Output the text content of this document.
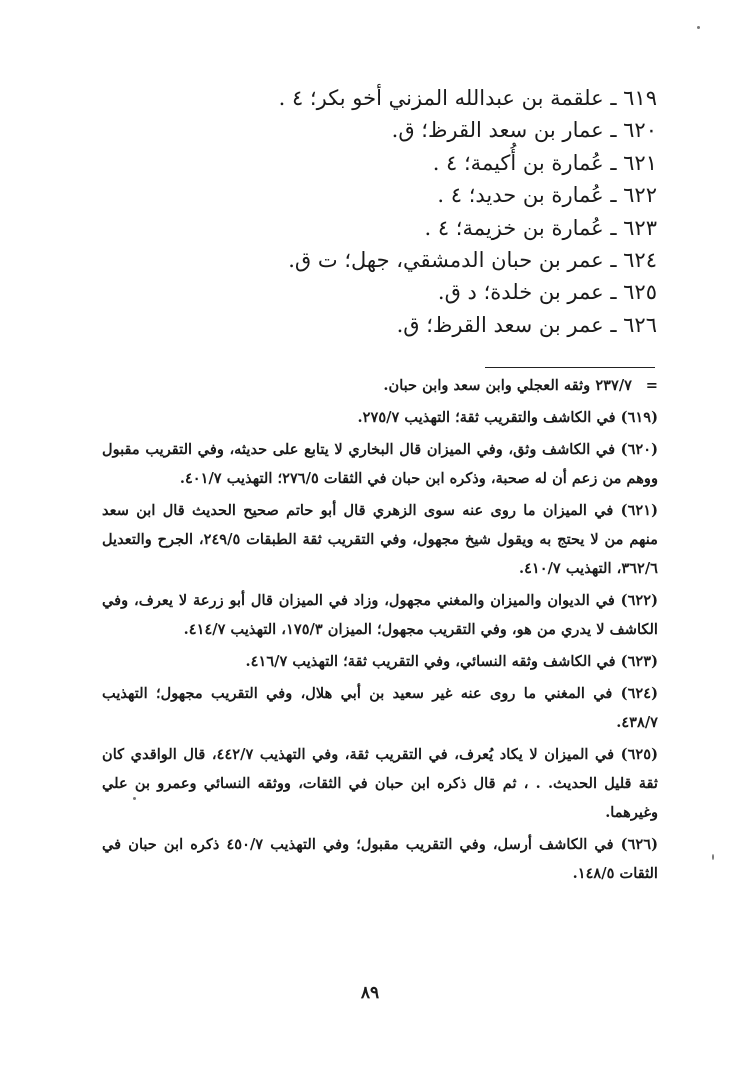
٦١٩ ـ علقمة بن عبدالله المزني أخو بكر؛ ٤ .
٦٢٠ ـ عمار بن سعد القرظ؛ ق.
٦٢١ ـ عُمارة بن أُكيمة؛ ٤ .
٦٢٢ ـ عُمارة بن حديد؛ ٤ .
٦٢٣ ـ عُمارة بن خزيمة؛ ٤ .
٦٢٤ ـ عمر بن حبان الدمشقي، جهل؛ ت ق.
٦٢٥ ـ عمر بن خلدة؛ د ق.
٦٢٦ ـ عمر بن سعد القرظ؛ ق.

=
٢٣٧/٧ وثقه العجلي وابن سعد وابن حبان.

(٦١٩) في الكاشف والتقريب ثقة؛ التهذيب ٢٧٥/٧.

(٦٢٠) في الكاشف وثق، وفي الميزان قال البخاري لا يتابع على حديثه، وفي التقريب مقبول ووهم من زعم أن له صحبة، وذكره ابن حبان في الثقات ٢٧٦/٥؛ التهذيب ٤٠١/٧.

(٦٢١) في الميزان ما روى عنه سوى الزهري قال أبو حاتم صحيح الحديث قال ابن سعد منهم من لا يحتج به ويقول شيخ مجهول، وفي التقريب ثقة الطبقات ٢٤٩/٥، الجرح والتعديل ٣٦٢/٦، التهذيب ٤١٠/٧.

(٦٢٢) في الديوان والميزان والمغني مجهول، وزاد في الميزان قال أبو زرعة لا يعرف، وفي الكاشف لا يدري من هو، وفي التقريب مجهول؛ الميزان ١٧٥/٣، التهذيب ٤١٤/٧.

(٦٢٣) في الكاشف وثقه النسائي، وفي التقريب ثقة؛ التهذيب ٤١٦/٧.

(٦٢٤) في المغني ما روى عنه غير سعيد بن أبي هلال، وفي التقريب مجهول؛ التهذيب ٤٣٨/٧.

(٦٢٥) في الميزان لا يكاد يُعرف، في التقريب ثقة، وفي التهذيب ٤٤٢/٧، قال الواقدي كان ثقة قليل الحديث. . ، ثم قال ذكره ابن حبان في الثقات، ووثقه النسائي وعمرو بن علي وغيرهما.

(٦٢٦) في الكاشف أرسل، وفي التقريب مقبول؛ وفي التهذيب ٤٥٠/٧ ذكره ابن حبان في الثقات ١٤٨/٥.

٨٩
